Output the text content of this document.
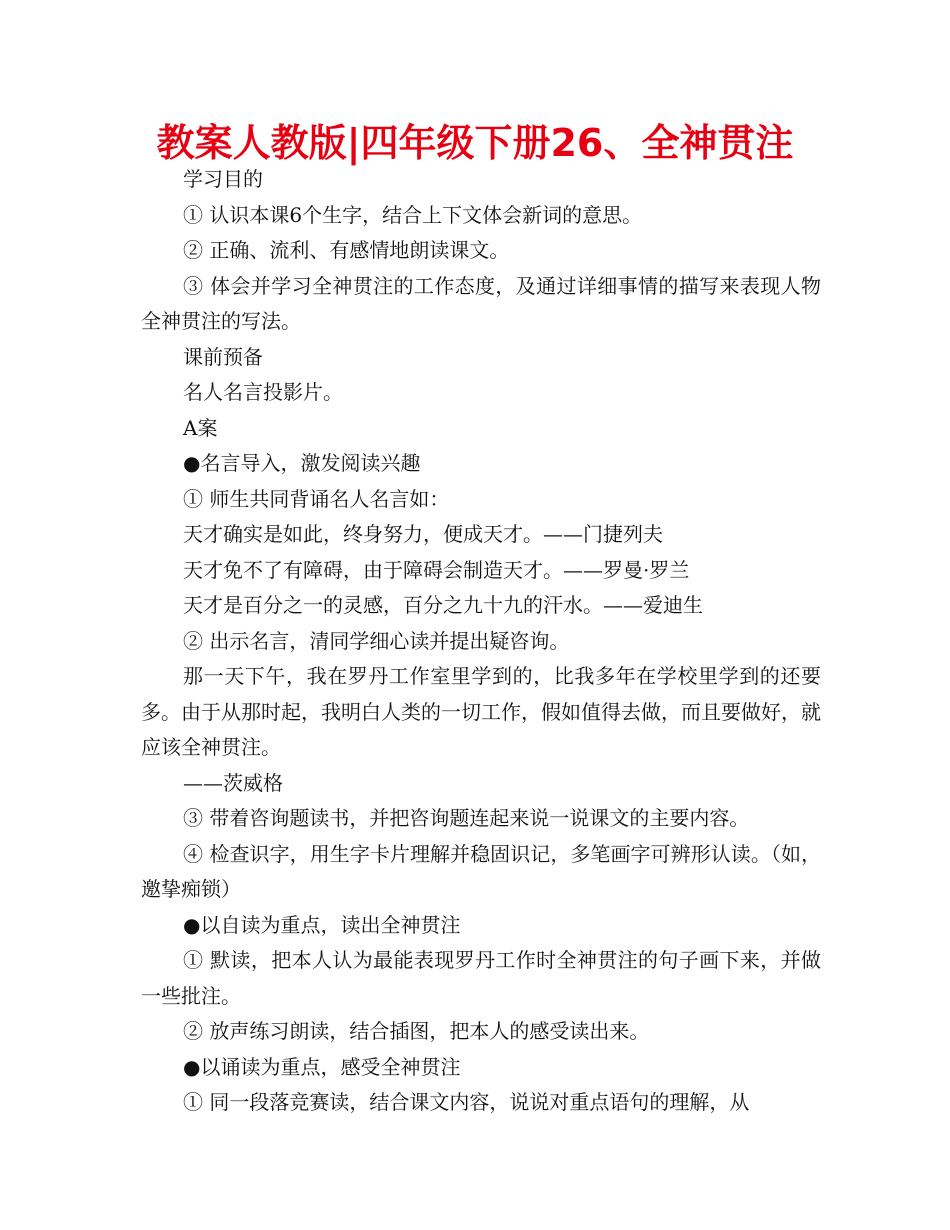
教案人教版|四年级下册26、全神贯注

学习目的

① 认识本课6个生字，结合上下文体会新词的意思。

② 正确、流利、有感情地朗读课文。

③ 体会并学习全神贯注的工作态度，及通过详细事情的描写来表现人物全神贯注的写法。

课前预备

名人名言投影片。

A案

●名言导入，激发阅读兴趣

① 师生共同背诵名人名言如：

天才确实是如此，终身努力，便成天才。——门捷列夫

天才免不了有障碍，由于障碍会制造天才。——罗曼·罗兰

天才是百分之一的灵感，百分之九十九的汗水。——爱迪生

② 出示名言，清同学细心读并提出疑咨询。

那一天下午，我在罗丹工作室里学到的，比我多年在学校里学到的还要多。由于从那时起，我明白人类的一切工作，假如值得去做，而且要做好，就应该全神贯注。

——茨威格

③ 带着咨询题读书，并把咨询题连起来说一说课文的主要内容。

④ 检查识字，用生字卡片理解并稳固识记，多笔画字可辨形认读。（如，邀挚痴锁）

●以自读为重点，读出全神贯注

① 默读，把本人认为最能表现罗丹工作时全神贯注的句子画下来，并做一些批注。

② 放声练习朗读，结合插图，把本人的感受读出来。

●以诵读为重点，感受全神贯注

① 同一段落竞赛读，结合课文内容，说说对重点语句的理解，从
